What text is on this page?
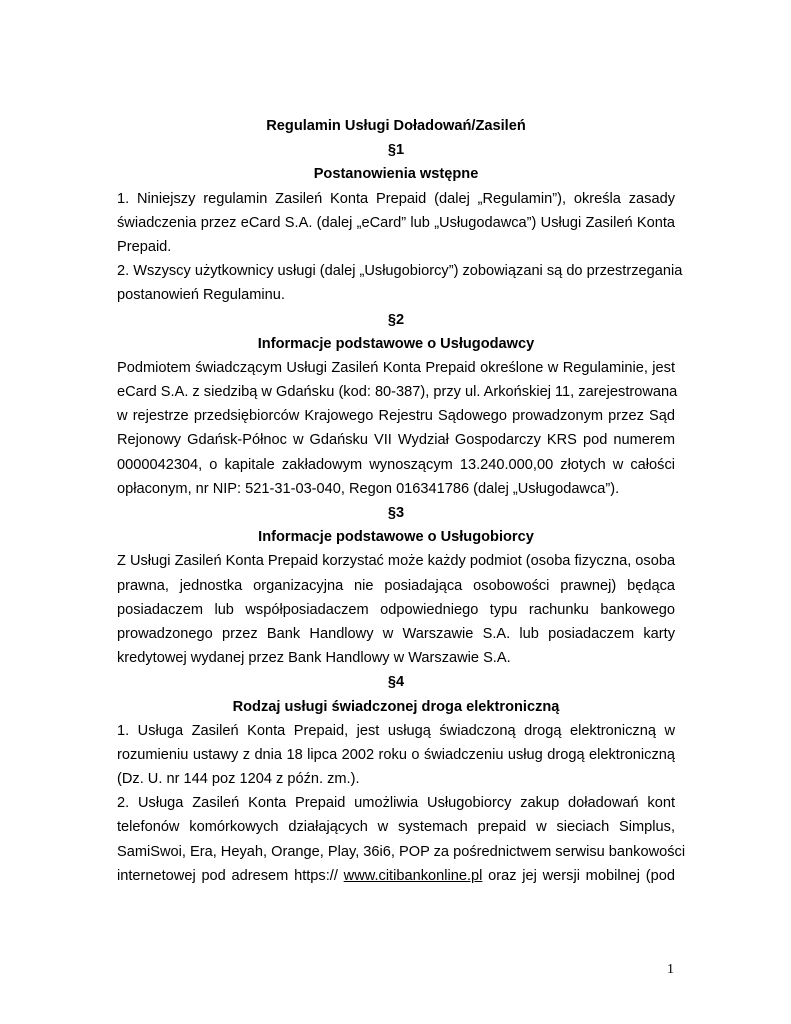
Regulamin Usługi Doładowań/Zasileń
§1
Postanowienia wstępne
1. Niniejszy regulamin Zasileń Konta Prepaid (dalej „Regulamin”), określa zasady
świadczenia przez eCard S.A. (dalej „eCard” lub „Usługodawca”) Usługi Zasileń Konta
Prepaid.
2. Wszyscy użytkownicy usługi (dalej „Usługobiorcy”) zobowiązani są do przestrzegania
postanowień Regulaminu.
§2
Informacje podstawowe o Usługodawcy
Podmiotem świadczącym Usługi Zasileń Konta Prepaid określone w Regulaminie, jest
eCard S.A. z siedzibą w Gdańsku (kod: 80-387), przy ul. Arkońskiej 11, zarejestrowana
w rejestrze przedsiębiorców Krajowego Rejestru Sądowego prowadzonym przez Sąd
Rejonowy Gdańsk-Północ w Gdańsku VII Wydział Gospodarczy KRS pod numerem
0000042304, o kapitale zakładowym wynoszącym 13.240.000,00 złotych w całości
opłaconym, nr NIP: 521-31-03-040, Regon 016341786 (dalej „Usługodawca”).
§3
Informacje podstawowe o Usługobiorcy
Z Usługi Zasileń Konta Prepaid korzystać może każdy podmiot (osoba fizyczna, osoba
prawna, jednostka organizacyjna nie posiadająca osobowości prawnej) będąca
posiadaczem lub współposiadaczem odpowiedniego typu rachunku bankowego
prowadzonego przez Bank Handlowy w Warszawie S.A. lub posiadaczem karty
kredytowej wydanej przez Bank Handlowy w Warszawie S.A.
§4
Rodzaj usługi świadczonej droga elektroniczną
1. Usługa Zasileń Konta Prepaid, jest usługą świadczoną drogą elektroniczną w
rozumieniu ustawy z dnia 18 lipca 2002 roku o świadczeniu usług drogą elektroniczną
(Dz. U. nr 144 poz 1204 z późn. zm.).
2. Usługa Zasileń Konta Prepaid umożliwia Usługobiorcy zakup doładowań kont
telefonów komórkowych działających w systemach prepaid w sieciach Simplus,
SamiSwoi, Era, Heyah, Orange, Play, 36i6, POP za pośrednictwem serwisu bankowości
internetowej pod adresem https:// www.citibankonline.pl oraz jej wersji mobilnej (pod
1
